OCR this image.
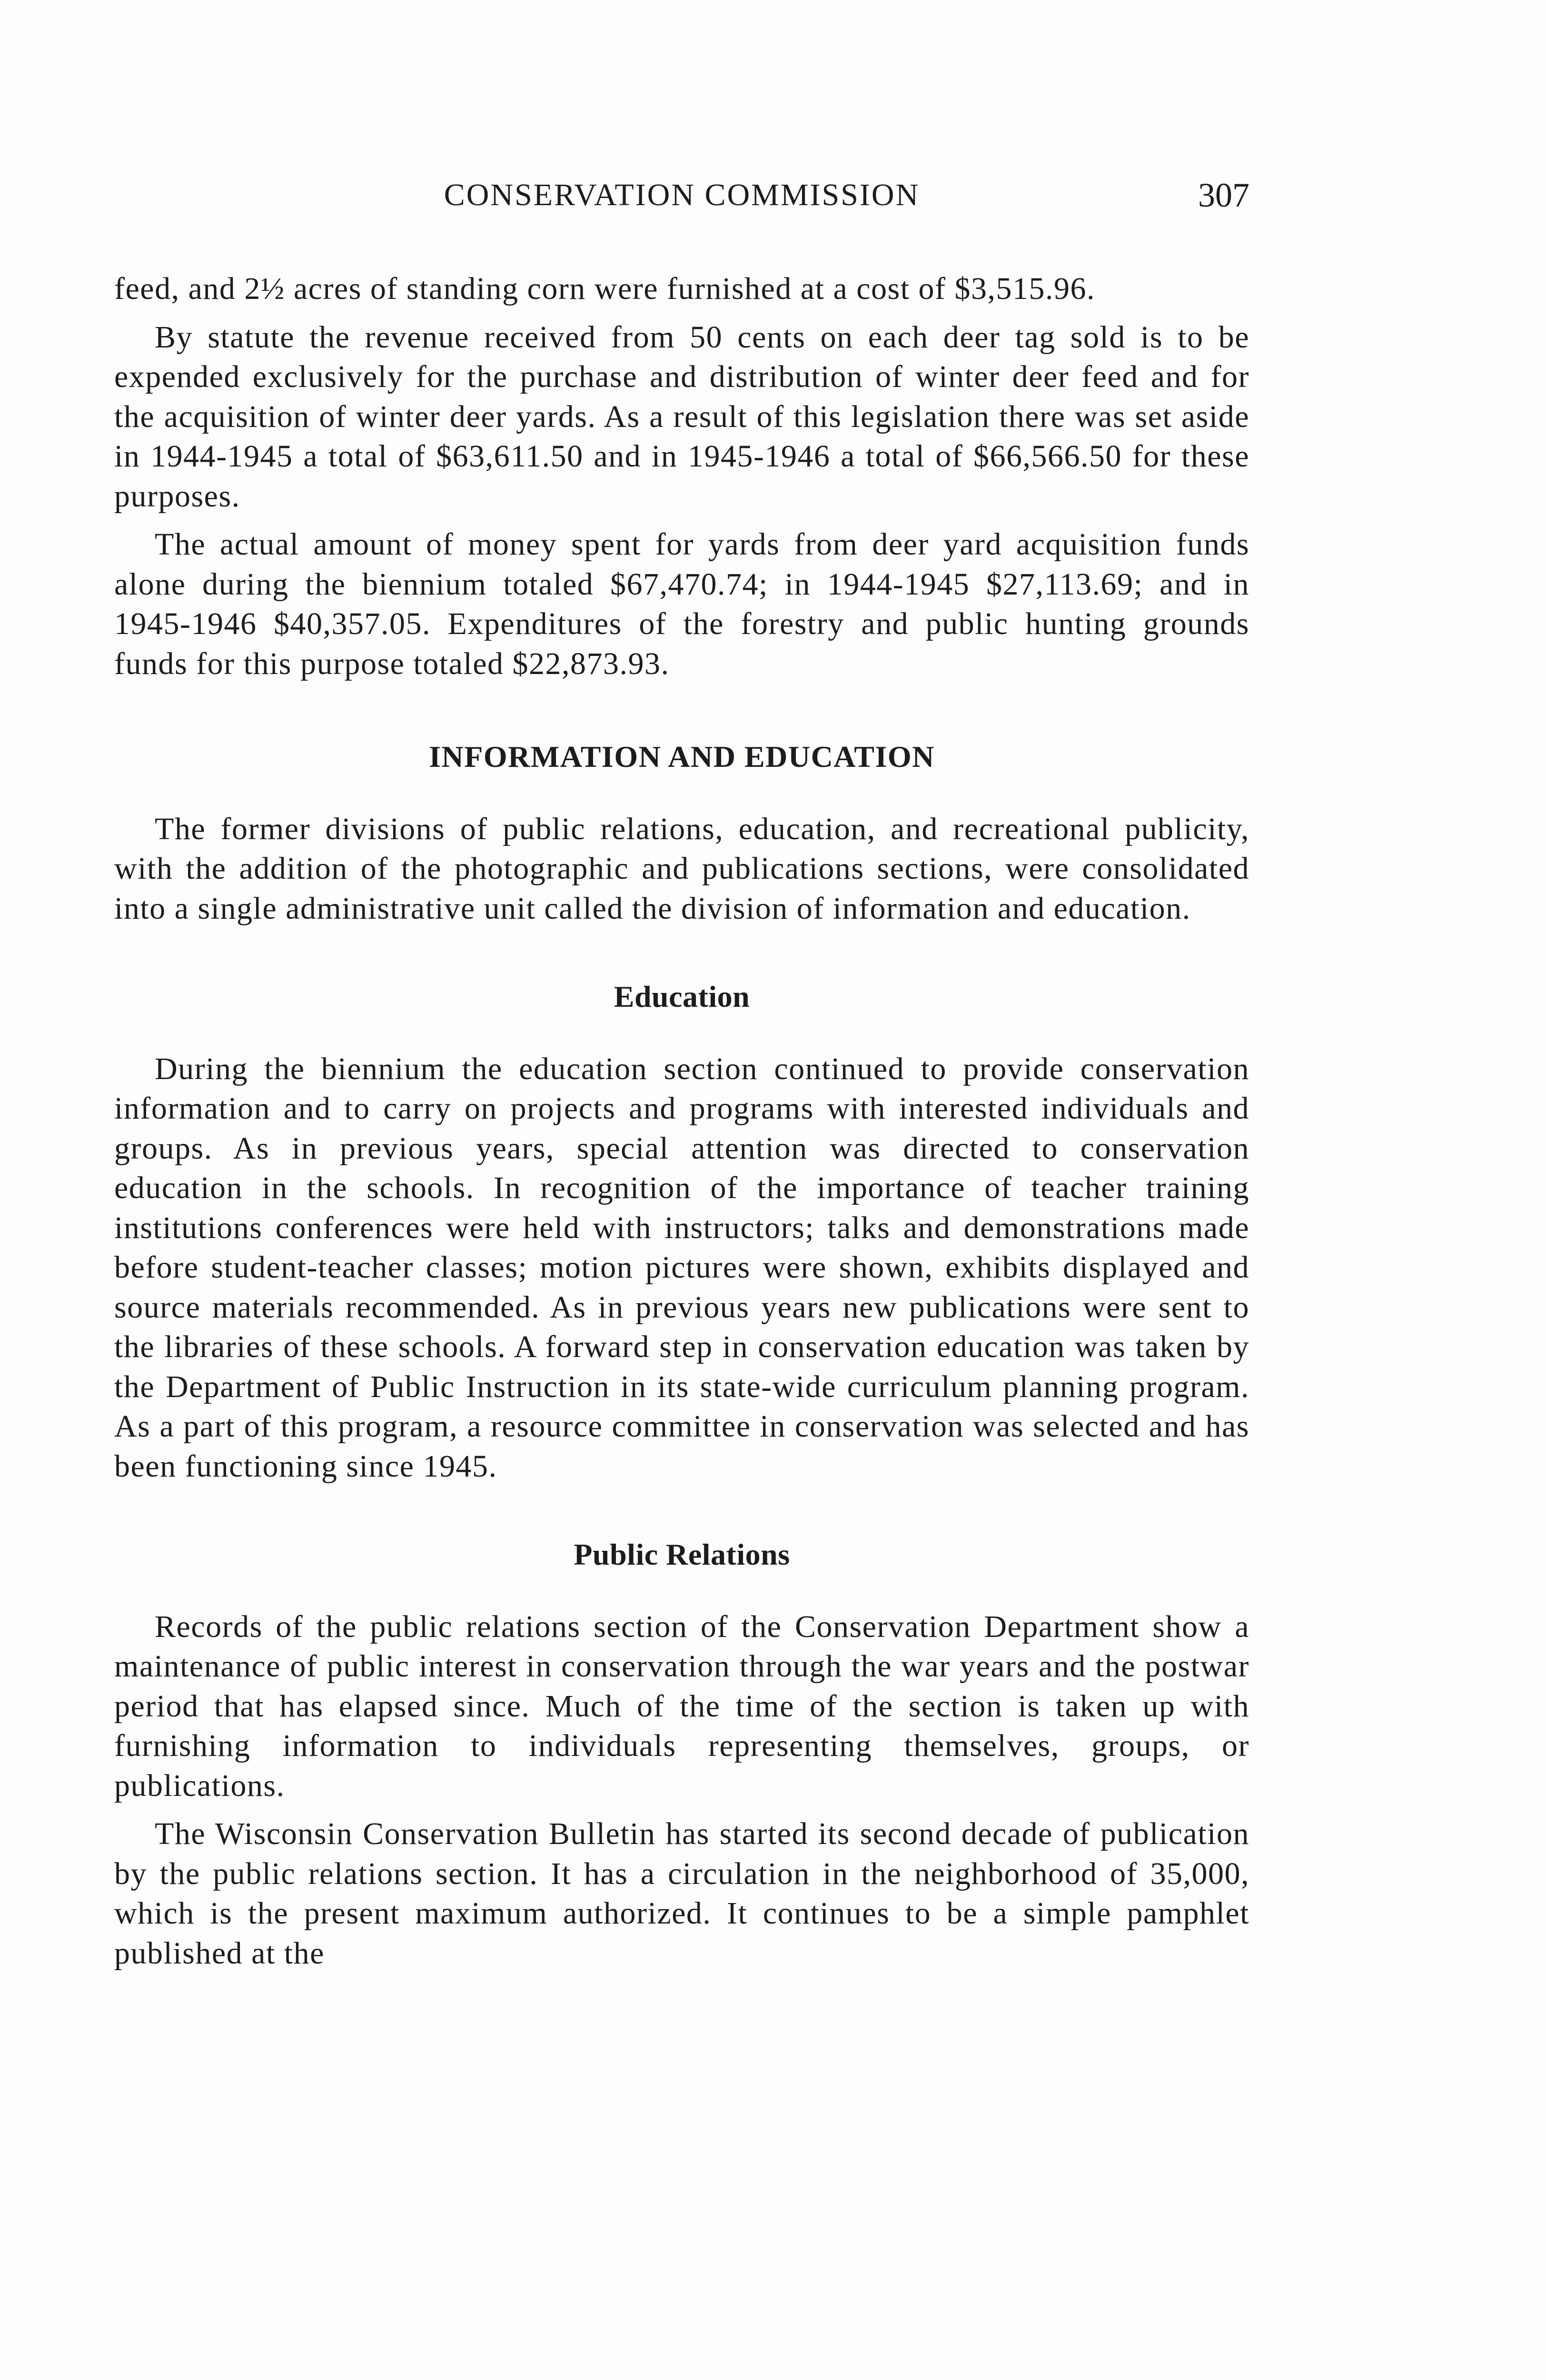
CONSERVATION COMMISSION	307

feed, and 2½ acres of standing corn were furnished at a cost of $3,515.96.

By statute the revenue received from 50 cents on each deer tag sold is to be expended exclusively for the purchase and distribution of winter deer feed and for the acquisition of winter deer yards. As a result of this legislation there was set aside in 1944-1945 a total of $63,611.50 and in 1945-1946 a total of $66,566.50 for these purposes.

The actual amount of money spent for yards from deer yard acquisition funds alone during the biennium totaled $67,470.74; in 1944-1945 $27,113.69; and in 1945-1946 $40,357.05. Expenditures of the forestry and public hunting grounds funds for this purpose totaled $22,873.93.

INFORMATION AND EDUCATION

The former divisions of public relations, education, and recreational publicity, with the addition of the photographic and publications sections, were consolidated into a single administrative unit called the division of information and education.

Education

During the biennium the education section continued to provide conservation information and to carry on projects and programs with interested individuals and groups. As in previous years, special attention was directed to conservation education in the schools. In recognition of the importance of teacher training institutions conferences were held with instructors; talks and demonstrations made before student-teacher classes; motion pictures were shown, exhibits displayed and source materials recommended. As in previous years new publications were sent to the libraries of these schools. A forward step in conservation education was taken by the Department of Public Instruction in its state-wide curriculum planning program. As a part of this program, a resource committee in conservation was selected and has been functioning since 1945.

Public Relations

Records of the public relations section of the Conservation Department show a maintenance of public interest in conservation through the war years and the postwar period that has elapsed since. Much of the time of the section is taken up with furnishing information to individuals representing themselves, groups, or publications.

The Wisconsin Conservation Bulletin has started its second decade of publication by the public relations section. It has a circulation in the neighborhood of 35,000, which is the present maximum authorized. It continues to be a simple pamphlet published at the
